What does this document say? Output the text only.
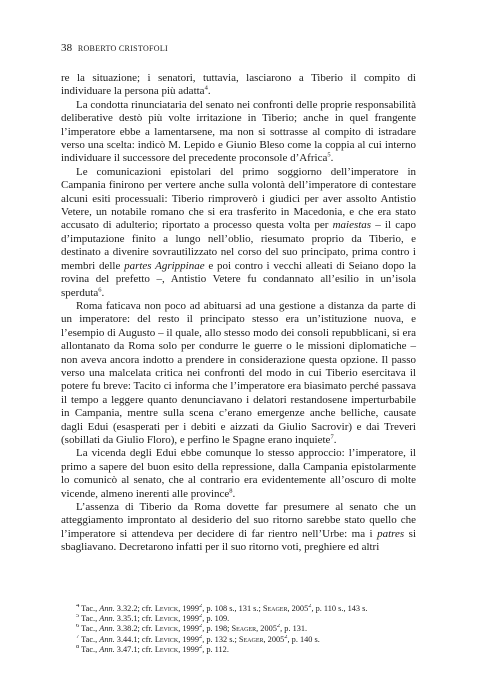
38 ROBERTO CRISTOFOLI

re la situazione; i senatori, tuttavia, lasciarono a Tiberio il compito di individuare la persona più adatta$^4$.

La condotta rinunciataria del senato nei confronti delle proprie responsabilità deliberative destò più volte irritazione in Tiberio; anche in quel frangente l’imperatore ebbe a lamentarsene, ma non si sottrasse al compito di istradare verso una scelta: indicò M. Lepido e Giunio Bleso come la coppia al cui interno individuare il successore del precedente proconsole d’Africa$^5$.

Le comunicazioni epistolari del primo soggiorno dell’imperatore in Campania finirono per vertere anche sulla volontà dell’imperatore di contestare alcuni esiti processuali: Tiberio rimproverò i giudici per aver assolto Antistio Vetere, un notabile romano che si era trasferito in Macedonia, e che era stato accusato di adulterio; riportato a processo questa volta per maiestas – il capo d’imputazione finito a lungo nell’oblio, riesumato proprio da Tiberio, e destinato a divenire sovrautilizzato nel corso del suo principato, prima contro i membri delle partes Agrippinae e poi contro i vecchi alleati di Seiano dopo la rovina del prefetto –, Antistio Vetere fu condannato all’esilio in un’isola sperduta$^6$.

Roma faticava non poco ad abituarsi ad una gestione a distanza da parte di un imperatore: del resto il principato stesso era un’istituzione nuova, e l’esempio di Augusto – il quale, allo stesso modo dei consoli repubblicani, si era allontanato da Roma solo per condurre le guerre o le missioni diplomatiche – non aveva ancora indotto a prendere in considerazione questa opzione. Il passo verso una malcelata critica nei confronti del modo in cui Tiberio esercitava il potere fu breve: Tacito ci informa che l’imperatore era biasimato perché passava il tempo a leggere quanto denunciavano i delatori restandosene imperturbabile in Campania, mentre sulla scena c’erano emergenze anche belliche, causate dagli Edui (esasperati per i debiti e aizzati da Giulio Sacrovir) e dai Treveri (sobillati da Giulio Floro), e perfino le Spagne erano inquiete$^7$.

La vicenda degli Edui ebbe comunque lo stesso approccio: l’imperatore, il primo a sapere del buon esito della repressione, dalla Campania epistolarmente lo comunicò al senato, che al contrario era evidentemente all’oscuro di molte vicende, almeno inerenti alle province$^8$.

L’assenza di Tiberio da Roma dovette far presumere al senato che un atteggiamento improntato al desiderio del suo ritorno sarebbe stato quello che l’imperatore si attendeva per decidere di far rientro nell’Urbe: ma i patres si sbagliavano. Decretarono infatti per il suo ritorno voti, preghiere ed altri

$^4$ Tac., Ann. 3.32.2; cfr. Levick, 1999$^2$, p. 108 s., 131 s.; Seager, 2005$^2$, p. 110 s., 143 s.
$^5$ Tac., Ann. 3.35.1; cfr. Levick, 1999$^2$, p. 109.
$^6$ Tac., Ann. 3.38.2; cfr. Levick, 1999$^2$, p. 198; Seager, 2005$^2$, p. 131.
$^7$ Tac., Ann. 3.44.1; cfr. Levick, 1999$^2$, p. 132 s.; Seager, 2005$^2$, p. 140 s.
$^8$ Tac., Ann. 3.47.1; cfr. Levick, 1999$^2$, p. 112.
